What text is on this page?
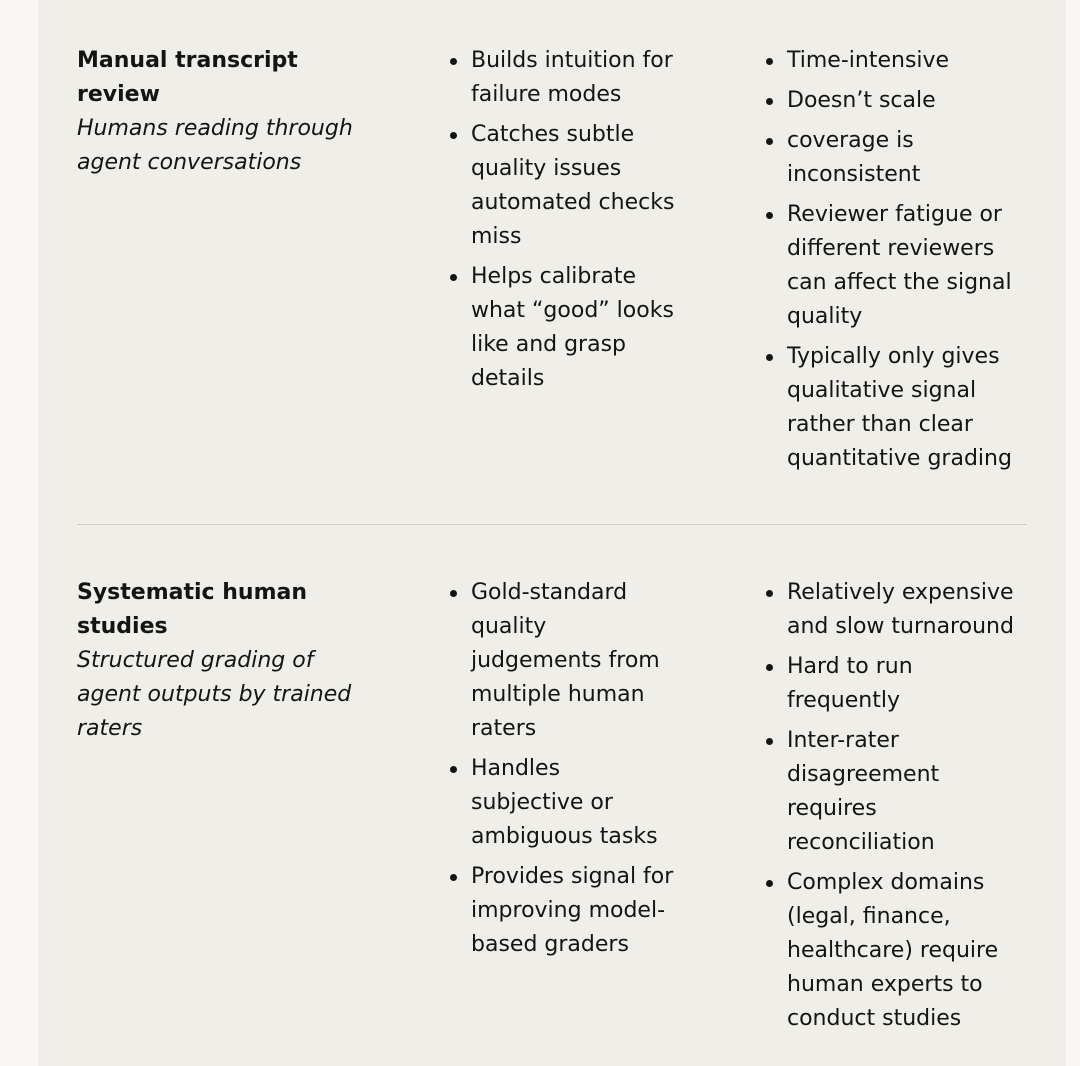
Manual transcript review
Humans reading through agent conversations
Builds intuition for failure modes
Catches subtle quality issues automated checks miss
Helps calibrate what “good” looks like and grasp details
Time-intensive
Doesn’t scale
coverage is inconsistent
Reviewer fatigue or different reviewers can affect the signal quality
Typically only gives qualitative signal rather than clear quantitative grading
Systematic human studies
Structured grading of agent outputs by trained raters
Gold-standard quality judgements from multiple human raters
Handles subjective or ambiguous tasks
Provides signal for improving model-based graders
Relatively expensive and slow turnaround
Hard to run frequently
Inter-rater disagreement requires reconciliation
Complex domains (legal, finance, healthcare) require human experts to conduct studies
